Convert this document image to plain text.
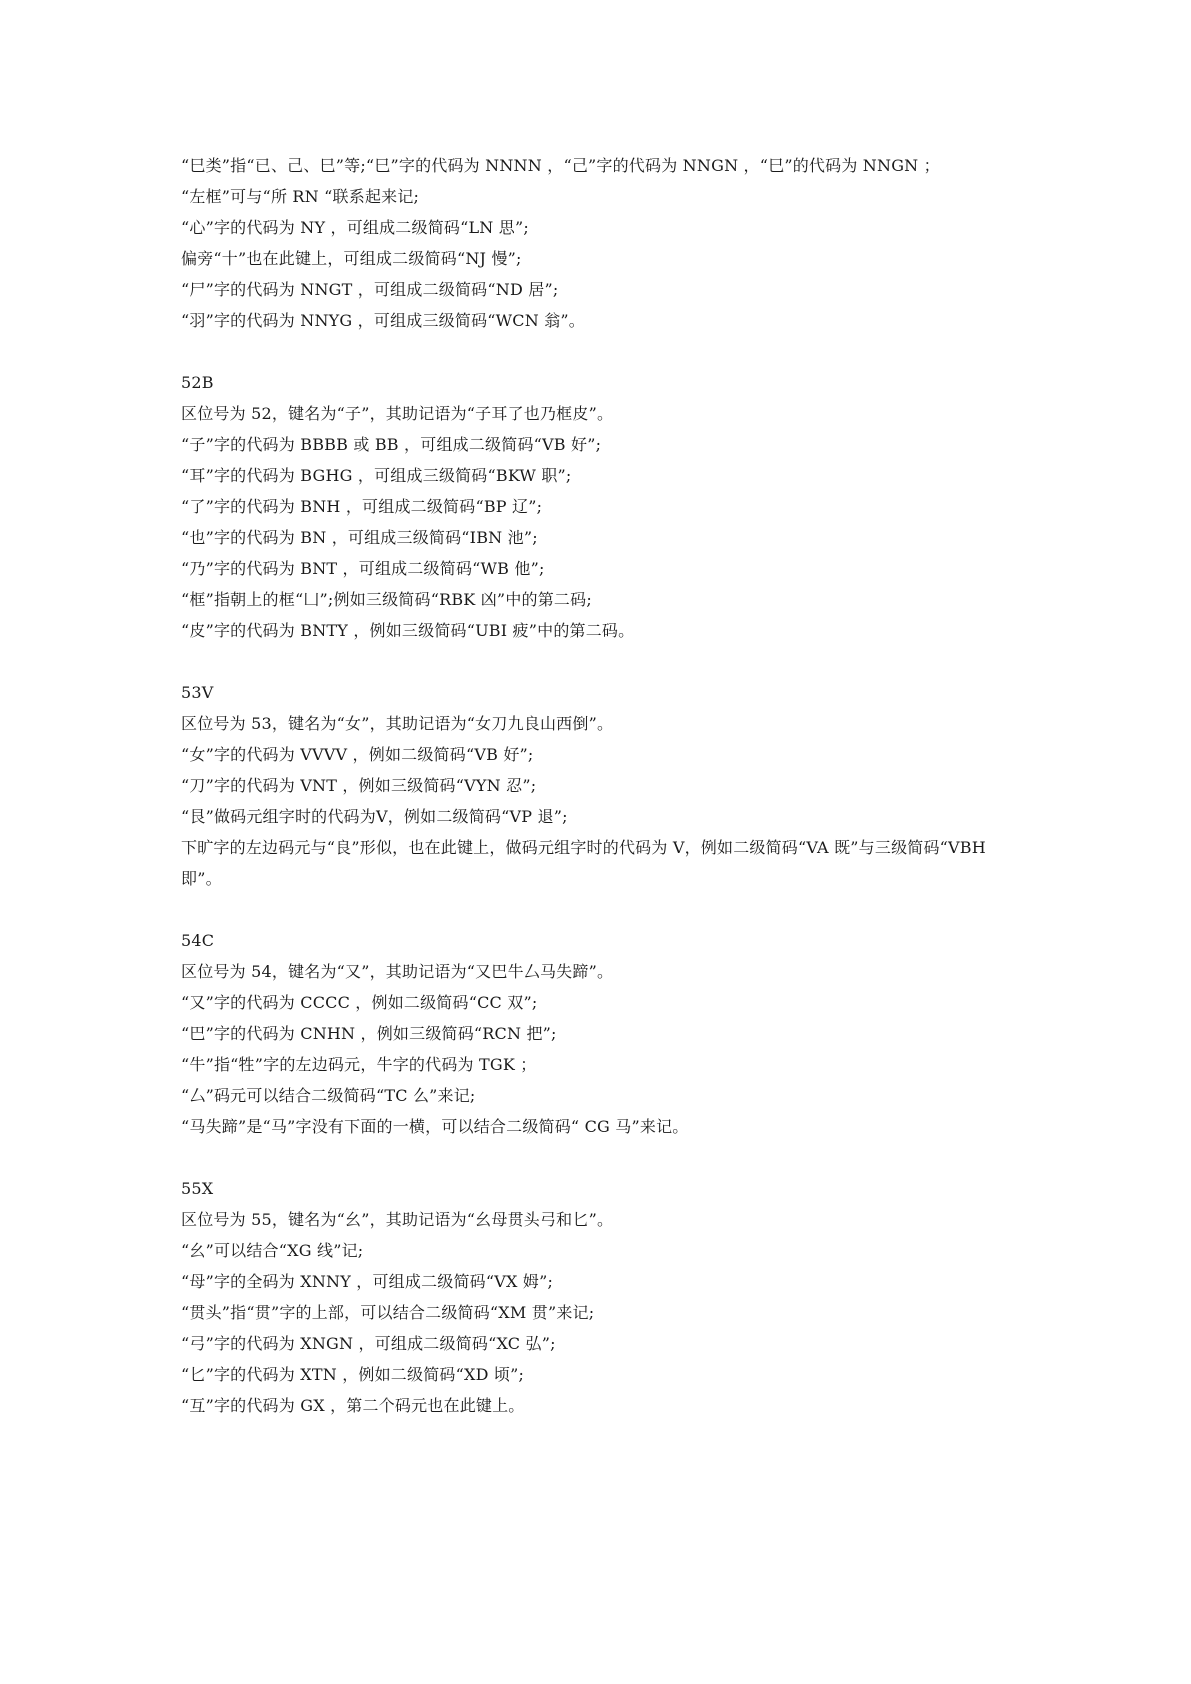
“巳类”指“已、己、巳”等;“巳”字的代码为 NNNN ，“己”字的代码为 NNGN ，“巳”的代码为 NNGN ；
“左框”可与“所 RN “联系起来记;
“心”字的代码为 NY ，可组成二级简码“LN 思”;
偏旁“十”也在此键上，可组成二级简码“NJ 慢”;
“尸”字的代码为 NNGT ，可组成二级简码“ND 居”;
“羽”字的代码为 NNYG ，可组成三级简码“WCN 翁”。
52B
区位号为 52，键名为“子”，其助记语为“子耳了也乃框皮”。
“子”字的代码为 BBBB 或 BB ，可组成二级简码“VB 好”;
“耳”字的代码为 BGHG ，可组成三级简码“BKW 职”;
“了”字的代码为 BNH ，可组成二级简码“BP 辽”;
“也”字的代码为 BN ，可组成三级简码“IBN 池”;
“乃”字的代码为 BNT ，可组成二级简码“WB 他”;
“框”指朝上的框“凵”;例如三级简码“RBK 凶”中的第二码;
“皮”字的代码为 BNTY ，例如三级简码“UBI 疲”中的第二码。
53V
区位号为 53，键名为“女”，其助记语为“女刀九良山西倒”。
“女”字的代码为 VVVV ，例如二级简码“VB 好”;
“刀”字的代码为 VNT ，例如三级简码“VYN 忍”;
“艮”做码元组字时的代码为V，例如二级简码“VP 退”;
下旷字的左边码元与“良”形似，也在此键上，做码元组字时的代码为 V，例如二级简码“VA 既”与三级简码“VBH 即”。
54C
区位号为 54，键名为“又”，其助记语为“又巴牛厶马失蹄”。
“又”字的代码为 CCCC ，例如二级简码“CC 双”;
“巴”字的代码为 CNHN ，例如三级简码“RCN 把”;
“牛”指“牲”字的左边码元，牛字的代码为 TGK ；
“厶”码元可以结合二级简码“TC 么”来记;
“马失蹄”是“马”字没有下面的一横，可以结合二级简码“ CG 马”来记。
55X
区位号为 55，键名为“幺”，其助记语为“幺母贯头弓和匕”。
“幺”可以结合“XG 线”记;
“母”字的全码为 XNNY ，可组成二级简码“VX 姆”;
“贯头”指“贯”字的上部，可以结合二级简码“XM 贯”来记;
“弓”字的代码为 XNGN ，可组成二级简码“XC 弘”;
“匕”字的代码为 XTN ，例如二级简码“XD 顷”;
“互”字的代码为 GX ，第二个码元也在此键上。
